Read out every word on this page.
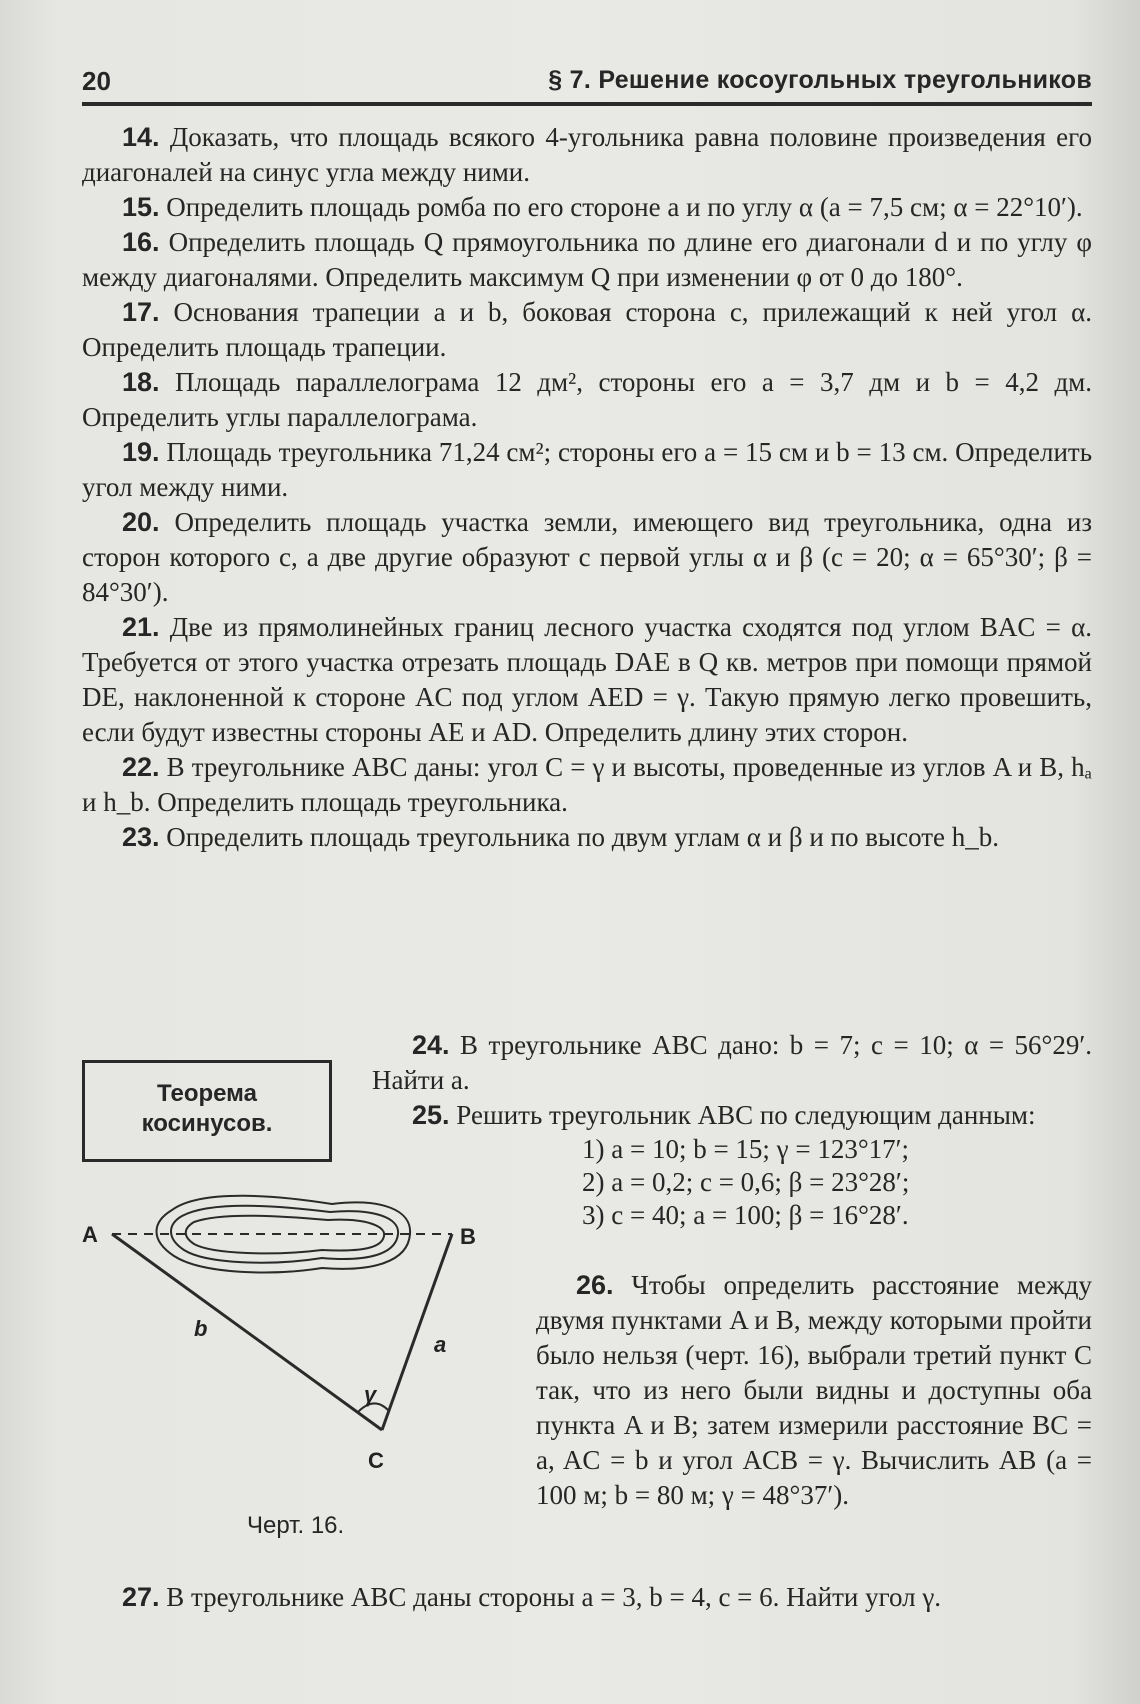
20	§ 7. Решение косоугольных треугольников

14. Доказать, что площадь всякого 4-угольника равна половине произведения его диагоналей на синус угла между ними.

15. Определить площадь ромба по его стороне a и по углу α (a = 7,5 см; α = 22°10′).

16. Определить площадь Q прямоугольника по длине его диагонали d и по углу φ между диагоналями. Определить максимум Q при изменении φ от 0 до 180°.

17. Основания трапеции a и b, боковая сторона c, прилежащий к ней угол α. Определить площадь трапеции.

18. Площадь параллелограма 12 дм², стороны его a = 3,7 дм и b = 4,2 дм. Определить углы параллелограма.

19. Площадь треугольника 71,24 см²; стороны его a = 15 см и b = 13 см. Определить угол между ними.

20. Определить площадь участка земли, имеющего вид треугольника, одна из сторон которого c, а две другие образуют с первой углы α и β (c = 20; α = 65°30′; β = 84°30′).

21. Две из прямолинейных границ лесного участка сходятся под углом BAC = α. Требуется от этого участка отрезать площадь DAE в Q кв. метров при помощи прямой DE, наклоненной к стороне AC под углом AED = γ. Такую прямую легко провешить, если будут известны стороны AE и AD. Определить длину этих сторон.

22. В треугольнике ABC даны: угол C = γ и высоты, проведенные из углов A и B, hₐ и h_b. Определить площадь треугольника.

23. Определить площадь треугольника по двум углам α и β и по высоте h_b.

Теорема
косинусов.
A	B
C
b
a
γ
Черт. 16.

24. В треугольнике ABC дано: b = 7; c = 10; α = 56°29′. Найти a.

25. Решить треугольник ABC по следующим данным:

1) a = 10; b = 15; γ = 123°17′;
2) a = 0,2; c = 0,6; β = 23°28′;
3) c = 40; a = 100; β = 16°28′.

26. Чтобы определить расстояние между двумя пунктами A и B, между которыми пройти было нельзя (черт. 16), выбрали третий пункт C так, что из него были видны и доступны оба пункта A и B; затем измерили расстояние BC = a, AC = b и угол ACB = γ. Вычислить AB (a = 100 м; b = 80 м; γ = 48°37′).

27. В треугольнике ABC даны стороны a = 3, b = 4, c = 6. Найти угол γ.
